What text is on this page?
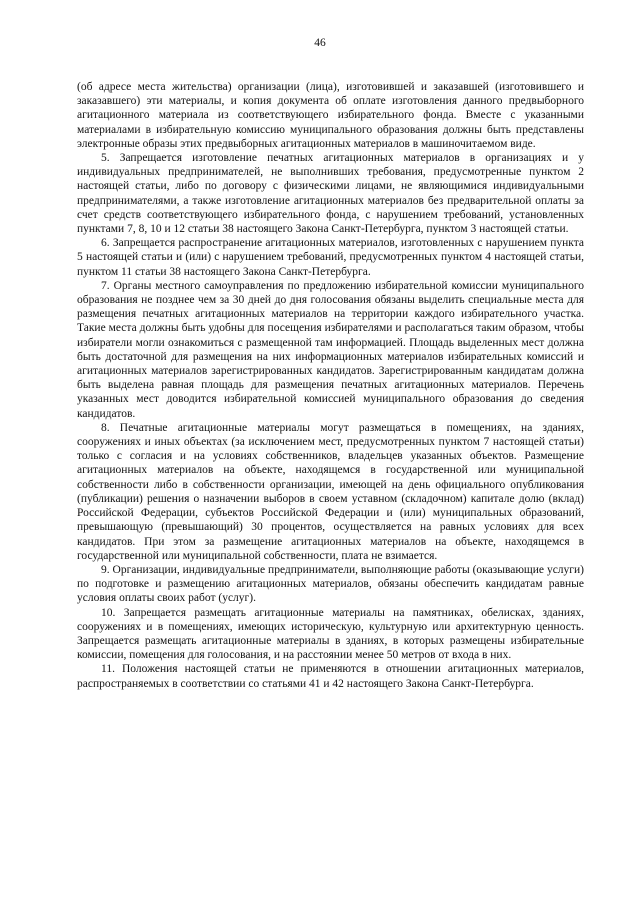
46

(об адресе места жительства) организации (лица), изготовившей и заказавшей (изготовившего и заказавшего) эти материалы, и копия документа об оплате изготовления данного предвыборного агитационного материала из соответствующего избирательного фонда. Вместе с указанными материалами в избирательную комиссию муниципального образования должны быть представлены электронные образы этих предвыборных агитационных материалов в машиночитаемом виде.

5. Запрещается изготовление печатных агитационных материалов в организациях и у индивидуальных предпринимателей, не выполнивших требования, предусмотренные пунктом 2 настоящей статьи, либо по договору с физическими лицами, не являющимися индивидуальными предпринимателями, а также изготовление агитационных материалов без предварительной оплаты за счет средств соответствующего избирательного фонда, с нарушением требований, установленных пунктами 7, 8, 10 и 12 статьи 38 настоящего Закона Санкт-Петербурга, пунктом 3 настоящей статьи.

6. Запрещается распространение агитационных материалов, изготовленных с нарушением пункта 5 настоящей статьи и (или) с нарушением требований, предусмотренных пунктом 4 настоящей статьи, пунктом 11 статьи 38 настоящего Закона Санкт-Петербурга.

7. Органы местного самоуправления по предложению избирательной комиссии муниципального образования не позднее чем за 30 дней до дня голосования обязаны выделить специальные места для размещения печатных агитационных материалов на территории каждого избирательного участка. Такие места должны быть удобны для посещения избирателями и располагаться таким образом, чтобы избиратели могли ознакомиться с размещенной там информацией. Площадь выделенных мест должна быть достаточной для размещения на них информационных материалов избирательных комиссий и агитационных материалов зарегистрированных кандидатов. Зарегистрированным кандидатам должна быть выделена равная площадь для размещения печатных агитационных материалов. Перечень указанных мест доводится избирательной комиссией муниципального образования до сведения кандидатов.

8. Печатные агитационные материалы могут размещаться в помещениях, на зданиях, сооружениях и иных объектах (за исключением мест, предусмотренных пунктом 7 настоящей статьи) только с согласия и на условиях собственников, владельцев указанных объектов. Размещение агитационных материалов на объекте, находящемся в государственной или муниципальной собственности либо в собственности организации, имеющей на день официального опубликования (публикации) решения о назначении выборов в своем уставном (складочном) капитале долю (вклад) Российской Федерации, субъектов Российской Федерации и (или) муниципальных образований, превышающую (превышающий) 30 процентов, осуществляется на равных условиях для всех кандидатов. При этом за размещение агитационных материалов на объекте, находящемся в государственной или муниципальной собственности, плата не взимается.

9. Организации, индивидуальные предприниматели, выполняющие работы (оказывающие услуги) по подготовке и размещению агитационных материалов, обязаны обеспечить кандидатам равные условия оплаты своих работ (услуг).

10. Запрещается размещать агитационные материалы на памятниках, обелисках, зданиях, сооружениях и в помещениях, имеющих историческую, культурную или архитектурную ценность. Запрещается размещать агитационные материалы в зданиях, в которых размещены избирательные комиссии, помещения для голосования, и на расстоянии менее 50 метров от входа в них.

11. Положения настоящей статьи не применяются в отношении агитационных материалов, распространяемых в соответствии со статьями 41 и 42 настоящего Закона Санкт-Петербурга.
